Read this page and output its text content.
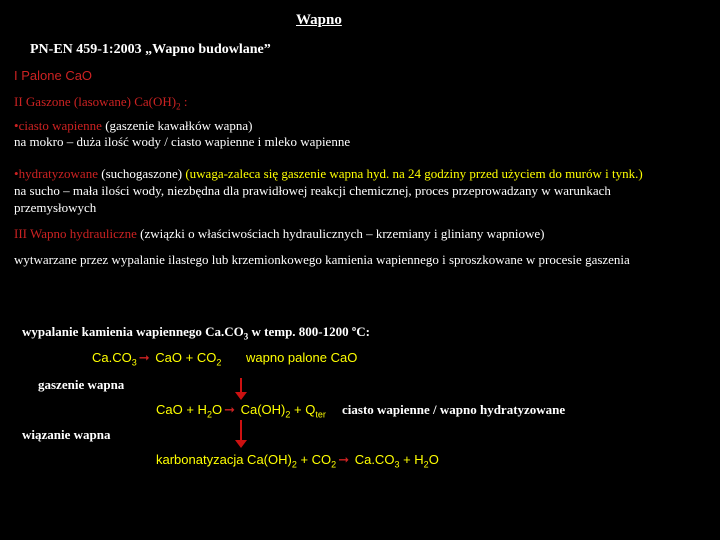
Wapno
PN-EN 459-1:2003 „Wapno budowlane”
I Palone CaO
II Gaszone (lasowane) $Ca(OH)_2$ :
•ciasto wapienne (gaszenie kawałków wapna)
na mokro – duża ilość wody / ciasto wapienne i mleko wapienne
•hydratyzowane (suchogaszone) (uwaga-zaleca się gaszenie wapna hyd. na 24 godziny przed użyciem do murów i tynk.)
na sucho – mała ilości wody, niezbędna dla prawidłowej reakcji chemicznej, proces przeprowadzany w warunkach
przemysłowych
III Wapno hydrauliczne (związki o właściwościach hydraulicznych – krzemiany i gliniany wapniowe)
wytwarzane przez wypalanie ilastego lub krzemionkowego kamienia wapiennego i sproszkowane w procesie gaszenia
wypalanie kamienia wapiennego $Ca.CO_3$ w temp. 800-1200 ºC:
$Ca.CO_3$ ➞ CaO + $CO_2$ wapno palone CaO
gaszenie wapna
CaO + $H_2O$ ➞ $Ca(OH)_2 + Q_{ter}$ ciasto wapienne / wapno hydratyzowane
wiązanie wapna
karbonatyzacja $Ca(OH)_2 + CO_2$ ➞ $Ca.CO_3 + H_2O$
